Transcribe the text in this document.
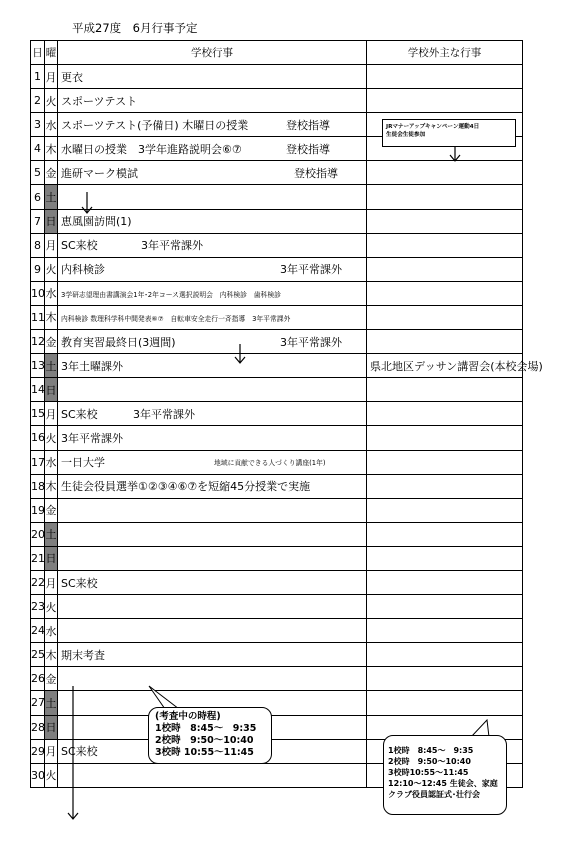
平成27度　6月行事予定
日	曜	学校行事	学校外主な行事
1	月	更衣	
2	火	スポーツテスト	
3	水	スポーツテスト(予備日) 木曜日の授業 登校指導	

4	木	水曜日の授業　3学年進路説明会⑥⑦ 登校指導	

5	金	進研マーク模試 登校指導	

6	土		
7	日	恵風園訪問(1)	
8	月	SC来校 3年平常課外	

9	火	内科検診 3年平常課外	

10	水	3学研志望理由書講演会1年･2年コース選択説明会　内科検診　歯科検診	
11	木	内科検診 数理科学科中間発表⑥⑦　自転車安全走行一斉指導　3年平常課外	
12	金	教育実習最終日(3週間) 3年平常課外	

13	土	3年土曜課外	県北地区デッサン講習会(本校会場)
14	日		
15	月	SC来校 3年平常課外	

16	火	3年平常課外	
17	水	一日大学 地域に貢献できる人づくり講座(1年)	

18	木	生徒会役員選挙①②③④⑥⑦を短縮45分授業で実施	
19	金		
20	土		
21	日		
22	月	SC来校	
23	火		
24	水		
25	木	期末考査	
26	金		
27	土		
28	日		
29	月	SC来校	
30	火		
JRマナーアップキャンペーン運動4日
生徒会生徒参加
(考査中の時程)
1校時　8:45～　9:35
2校時　9:50～10:40
3校時 10:55～11:45	1校時　8:45～　9:35
2校時　9:50～10:40
3校時10:55～11:45
12:10～12:45 生徒会、家庭
クラブ役員認証式･壮行会
